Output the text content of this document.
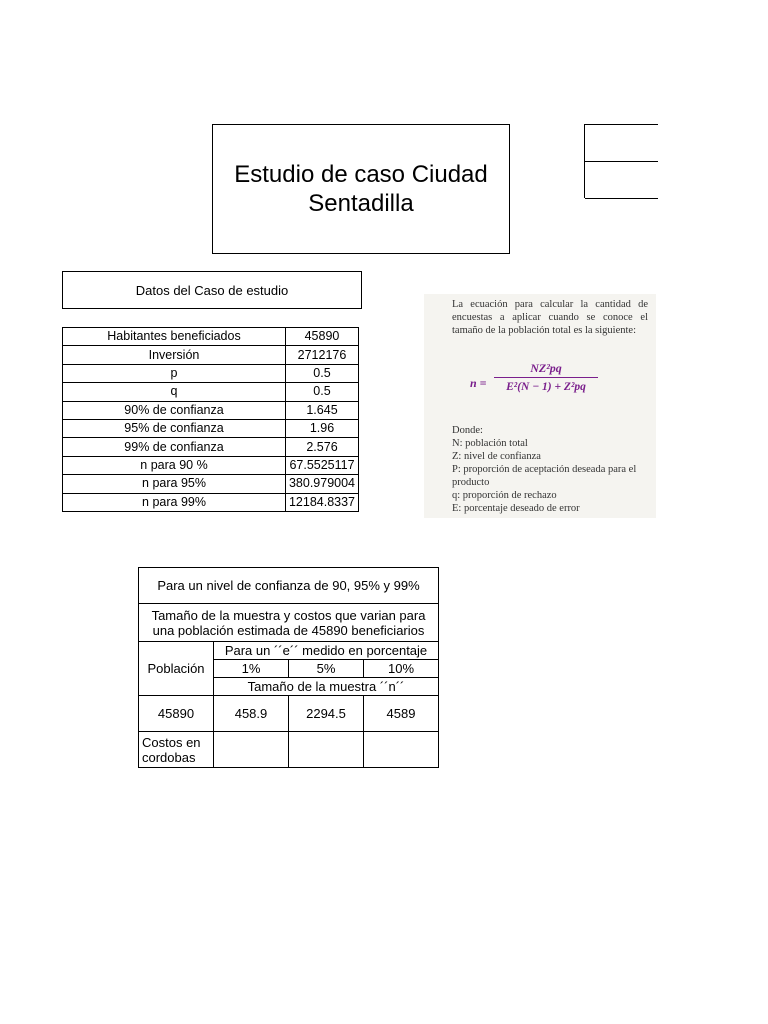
Estudio de caso Ciudad Sentadilla
Datos del Caso de estudio
Habitantes beneficiados	45890
Inversión	2712176
p	0.5
q	0.5
90% de confianza	1.645
95% de confianza	1.96
99% de confianza	2.576
n para 90 %	67.5525117
n para 95%	380.979004
n para 99%	12184.8337
La ecuación para calcular la cantidad de encuestas a aplicar cuando se conoce el tamaño de la población total es la siguiente:
n =
NZ²pq
E²(N − 1) + Z²pq
Donde:
N: población total
Z: nivel de confianza
P: proporción de aceptación deseada para el producto
q: proporción de rechazo
E: porcentaje deseado de error
Para un nivel de confianza de 90, 95% y 99%			
Tamaño de la muestra y costos que varian para una población estimada de 45890 beneficiarios			
Población	Para un ´´e´´ medido en porcentaje		
	1%	5%	10%
	Tamaño de la muestra ´´n´´		
45890	458.9	2294.5	4589
Costos en cordobas			
